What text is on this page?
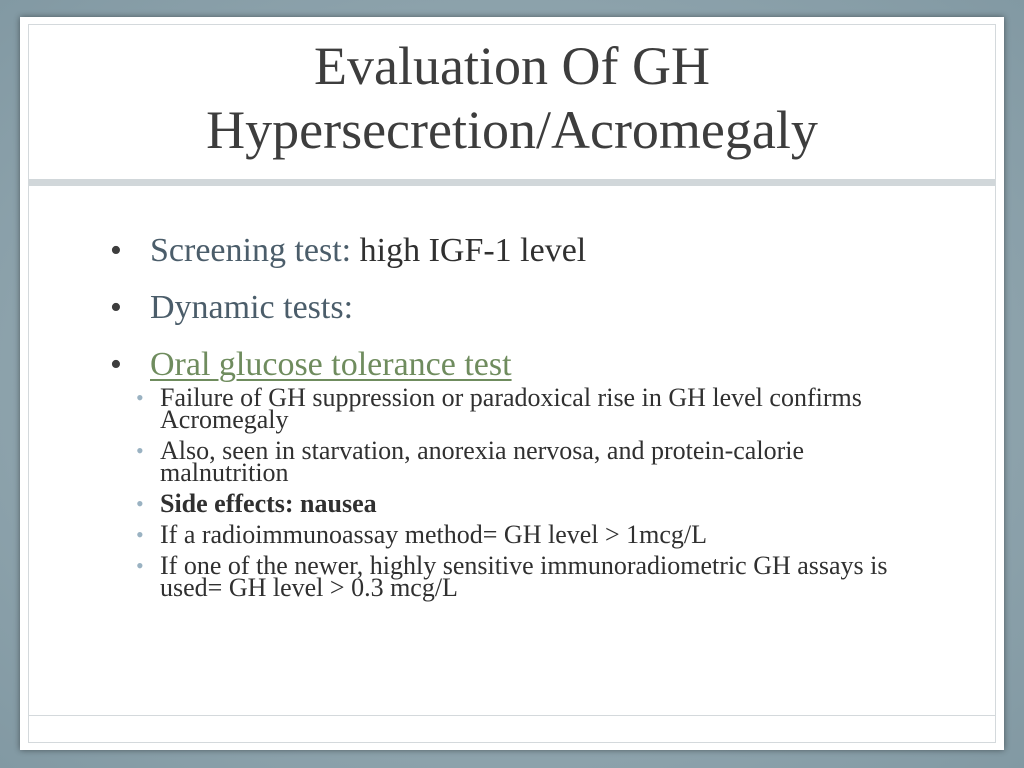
Evaluation Of GH
Hypersecretion/Acromegaly
• Screening test: high IGF-1 level
• Dynamic tests:
• Oral glucose tolerance test
• Failure of GH suppression or paradoxical rise in GH level confirms Acromegaly
• Also, seen in starvation, anorexia nervosa, and protein-calorie malnutrition
• Side effects: nausea
• If a radioimmunoassay method= GH level > 1mcg/L
• If one of the newer, highly sensitive immunoradiometric GH assays is used= GH level > 0.3 mcg/L
